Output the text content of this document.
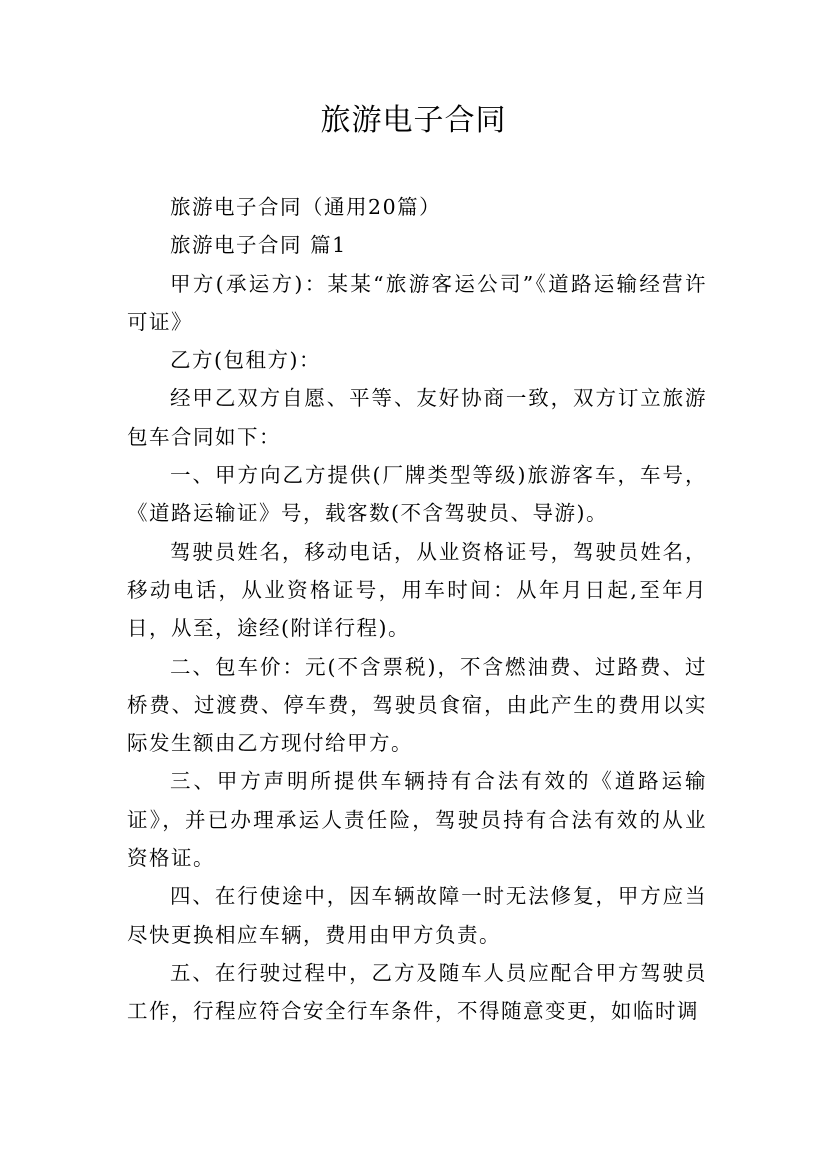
旅游电子合同

旅游电子合同（通用20篇）

旅游电子合同 篇1

甲方(承运方)：某某“旅游客运公司”《道路运输经营许可证》

乙方(包租方)：

经甲乙双方自愿、平等、友好协商一致，双方订立旅游包车合同如下：

一、甲方向乙方提供(厂牌类型等级)旅游客车，车号，《道路运输证》号，载客数(不含驾驶员、导游)。

驾驶员姓名，移动电话，从业资格证号，驾驶员姓名，移动电话，从业资格证号，用车时间：从年月日起,至年月日，从至，途经(附详行程)。

二、包车价：元(不含票税)，不含燃油费、过路费、过桥费、过渡费、停车费，驾驶员食宿，由此产生的费用以实际发生额由乙方现付给甲方。

三、甲方声明所提供车辆持有合法有效的《道路运输证》，并已办理承运人责任险，驾驶员持有合法有效的从业资格证。

四、在行使途中，因车辆故障一时无法修复，甲方应当尽快更换相应车辆，费用由甲方负责。

五、在行驶过程中，乙方及随车人员应配合甲方驾驶员工作，行程应符合安全行车条件，不得随意变更，如临时调
